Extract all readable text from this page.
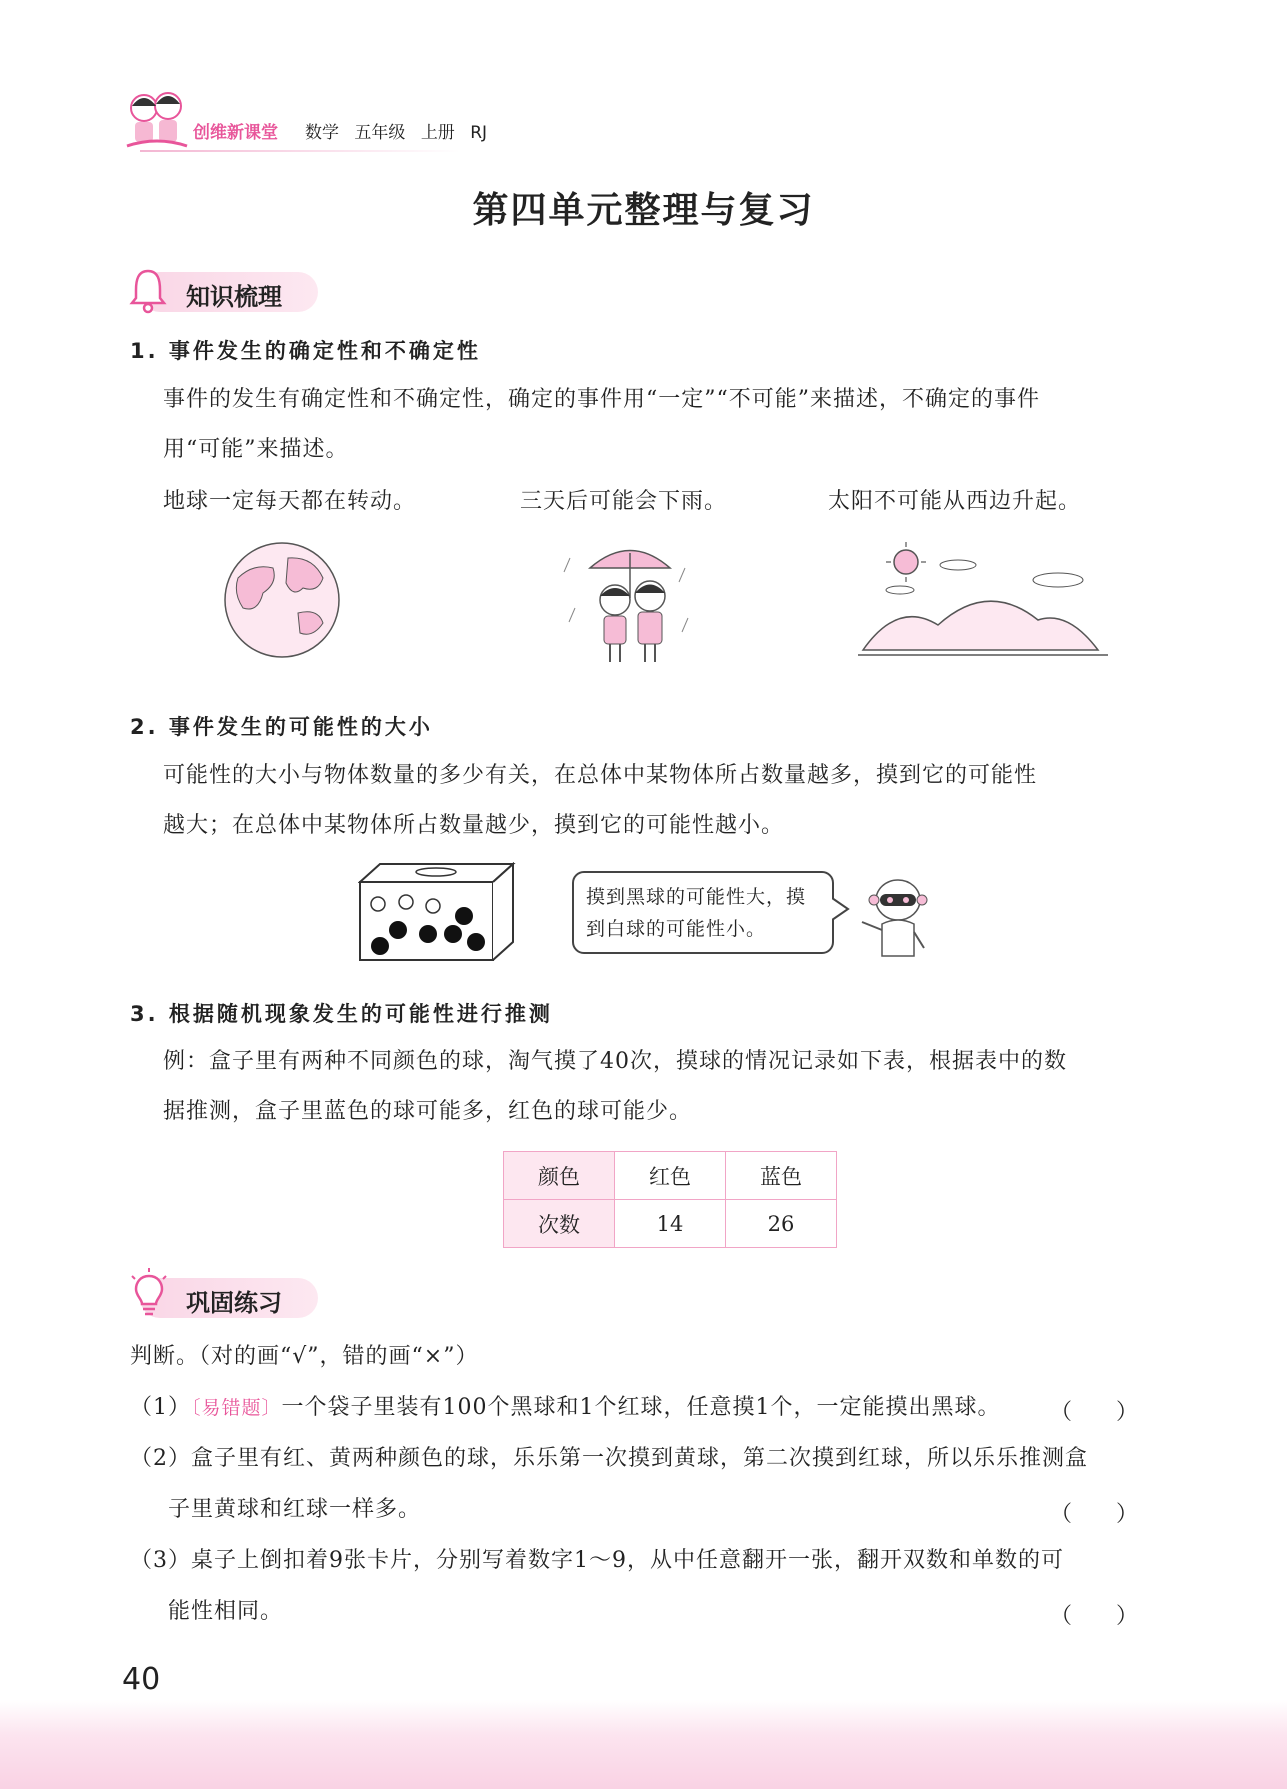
创维新课堂 数学 五年级 上册 RJ
第四单元整理与复习
知识梳理
1. 事件发生的确定性和不确定性
事件的发生有确定性和不确定性，确定的事件用“一定”“不可能”来描述，不确定的事件
用“可能”来描述。
地球一定每天都在转动。	三天后可能会下雨。	太阳不可能从西边升起。
2. 事件发生的可能性的大小
可能性的大小与物体数量的多少有关，在总体中某物体所占数量越多，摸到它的可能性
越大；在总体中某物体所占数量越少，摸到它的可能性越小。
摸到黑球的可能性大，摸
到白球的可能性小。
3. 根据随机现象发生的可能性进行推测
例：盒子里有两种不同颜色的球，淘气摸了40次，摸球的情况记录如下表，根据表中的数
据推测，盒子里蓝色的球可能多，红色的球可能少。
颜色	红色	蓝色
次数	14	26
巩固练习
判断。（对的画“√”，错的画“×”）
（1）〔易错题〕一个袋子里装有100个黑球和1个红球，任意摸1个，一定能摸出黑球。 （　　）
（2）盒子里有红、黄两种颜色的球，乐乐第一次摸到黄球，第二次摸到红球，所以乐乐推测盒
子里黄球和红球一样多。	（　　）
（3）桌子上倒扣着9张卡片，分别写着数字1～9，从中任意翻开一张，翻开双数和单数的可
能性相同。	（　　）
40
